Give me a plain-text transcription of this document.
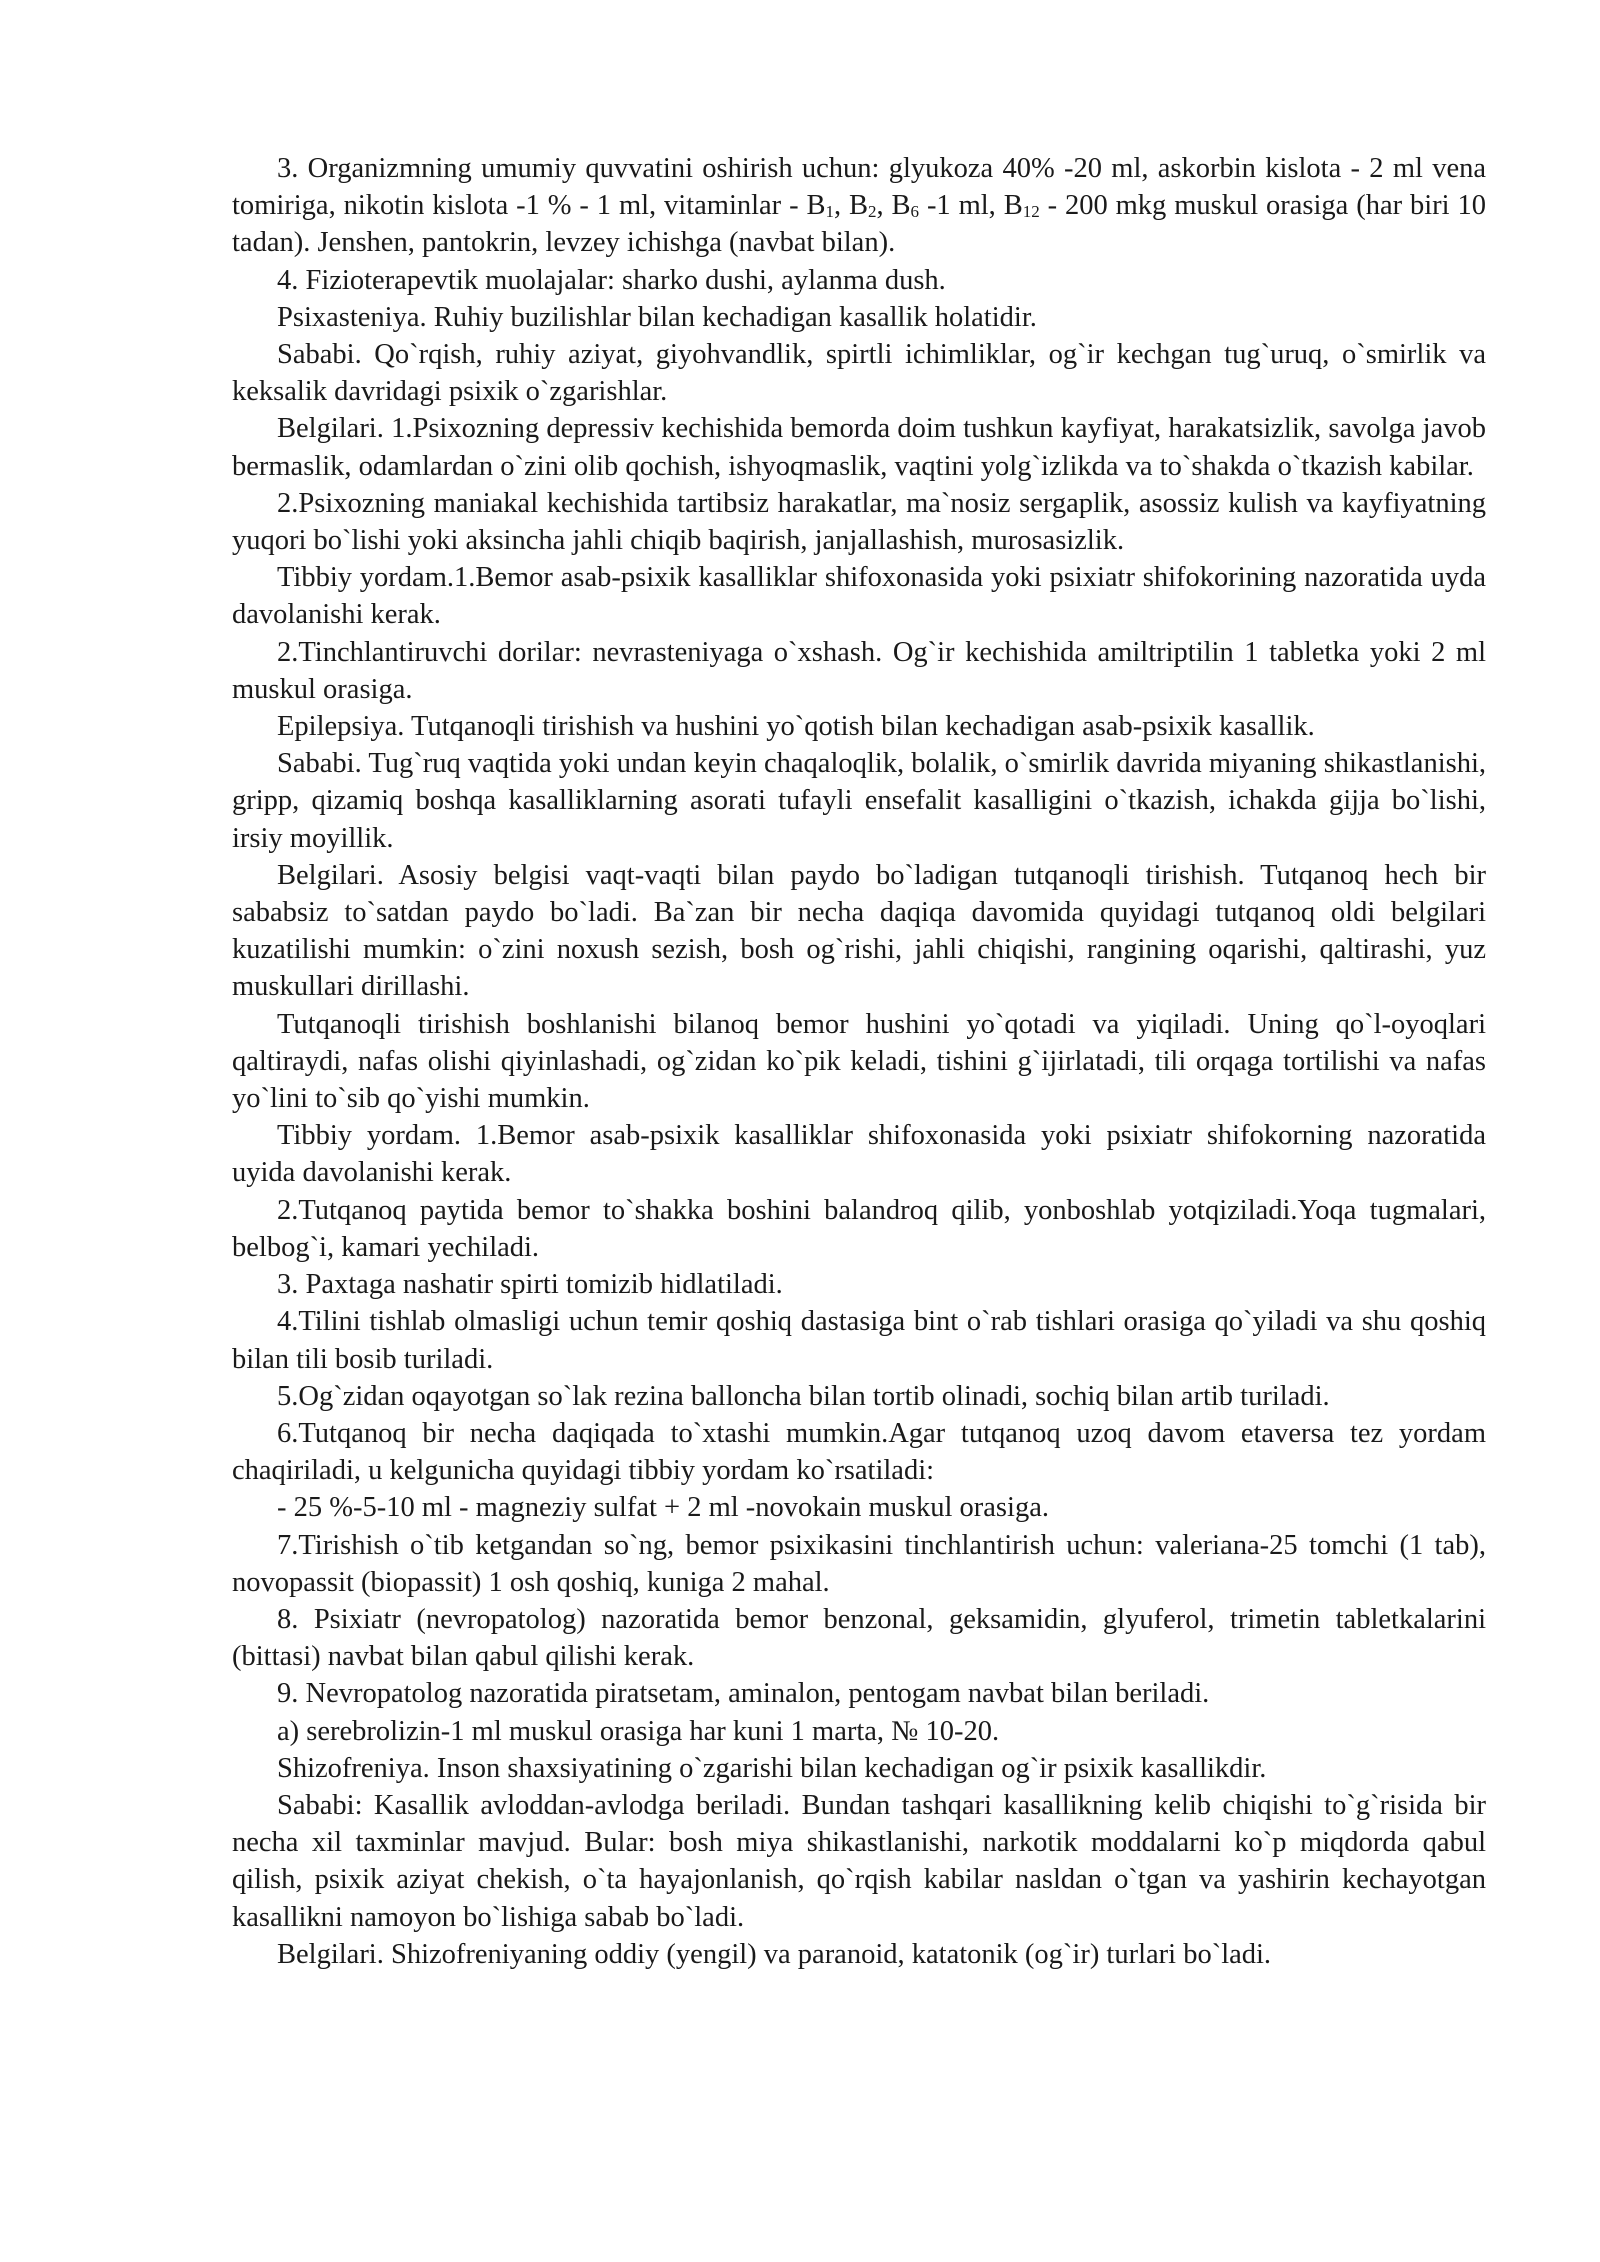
3. Organizmning umumiy quvvatini oshirish uchun: glyukoza 40% -20 ml, askorbin kislota - 2 ml vena tomiriga, nikotin kislota -1 % - 1 ml, vitaminlar - $B_1$, $B_2$, $B_6$ -1 ml, $B_{12} - 200$ mkg muskul orasiga (har biri 10 tadan). Jenshen, pantokrin, levzey ichishga (navbat bilan).

4. Fizioterapevtik muolajalar: sharko dushi, aylanma dush.

Psixasteniya. Ruhiy buzilishlar bilan kechadigan kasallik holatidir.

Sababi. Qo`rqish, ruhiy aziyat, giyohvandlik, spirtli ichimliklar, og`ir kechgan tug`uruq, o`smirlik va keksalik davridagi psixik o`zgarishlar.

Belgilari. 1.Psixozning depressiv kechishida bemorda doim tushkun kayfiyat, harakatsizlik, savolga javob bermaslik, odamlardan o`zini olib qochish, ishyoqmaslik, vaqtini yolg`izlikda va to`shakda o`tkazish kabilar.

2.Psixozning maniakal kechishida tartibsiz harakatlar, ma`nosiz sergaplik, asossiz kulish va kayfiyatning yuqori bo`lishi yoki aksincha jahli chiqib baqirish, janjallashish, murosasizlik.

Tibbiy yordam.1.Bemor asab-psixik kasalliklar shifoxonasida yoki psixiatr shifokorining nazoratida uyda davolanishi kerak.

2.Tinchlantiruvchi dorilar: nevrasteniyaga o`xshash. Og`ir kechishida amiltriptilin 1 tabletka yoki 2 ml muskul orasiga.

Epilepsiya. Tutqanoqli tirishish va hushini yo`qotish bilan kechadigan asab-psixik kasallik.

Sababi. Tug`ruq vaqtida yoki undan keyin chaqaloqlik, bolalik, o`smirlik davrida miyaning shikastlanishi, gripp, qizamiq boshqa kasalliklarning asorati tufayli ensefalit kasalligini o`tkazish, ichakda gijja bo`lishi, irsiy moyillik.

Belgilari. Asosiy belgisi vaqt-vaqti bilan paydo bo`ladigan tutqanoqli tirishish. Tutqanoq hech bir sababsiz to`satdan paydo bo`ladi. Ba`zan bir necha daqiqa davomida quyidagi tutqanoq oldi belgilari kuzatilishi mumkin: o`zini noxush sezish, bosh og`rishi, jahli chiqishi, rangining oqarishi, qaltirashi, yuz muskullari dirillashi.

Tutqanoqli tirishish boshlanishi bilanoq bemor hushini yo`qotadi va yiqiladi. Uning qo`l-oyoqlari qaltiraydi, nafas olishi qiyinlashadi, og`zidan ko`pik keladi, tishini g`ijirlatadi, tili orqaga tortilishi va nafas yo`lini to`sib qo`yishi mumkin.

Tibbiy yordam. 1.Bemor asab-psixik kasalliklar shifoxonasida yoki psixiatr shifokorning nazoratida uyida davolanishi kerak.

2.Tutqanoq paytida bemor to`shakka boshini balandroq qilib, yonboshlab yotqiziladi.Yoqa tugmalari, belbog`i, kamari yechiladi.

3. Paxtaga nashatir spirti tomizib hidlatiladi.

4.Tilini tishlab olmasligi uchun temir qoshiq dastasiga bint o`rab tishlari orasiga qo`yiladi va shu qoshiq bilan tili bosib turiladi.

5.Og`zidan oqayotgan so`lak rezina balloncha bilan tortib olinadi, sochiq bilan artib turiladi.

6.Tutqanoq bir necha daqiqada to`xtashi mumkin.Agar tutqanoq uzoq davom etaversa tez yordam chaqiriladi, u kelgunicha quyidagi tibbiy yordam ko`rsatiladi:

- 25 %-5-10 ml - magneziy sulfat + 2 ml -novokain muskul orasiga.

7.Tirishish o`tib ketgandan so`ng, bemor psixikasini tinchlantirish uchun: valeriana-25 tomchi (1 tab), novopassit (biopassit) 1 osh qoshiq, kuniga 2 mahal.

8. Psixiatr (nevropatolog) nazoratida bemor benzonal, geksamidin, glyuferol, trimetin tabletkalarini (bittasi) navbat bilan qabul qilishi kerak.

9. Nevropatolog nazoratida piratsetam, aminalon, pentogam navbat bilan beriladi.

a) serebrolizin-1 ml muskul orasiga har kuni 1 marta, № 10-20.

Shizofreniya. Inson shaxsiyatining o`zgarishi bilan kechadigan og`ir psixik kasallikdir.

Sababi: Kasallik avloddan-avlodga beriladi. Bundan tashqari kasallikning kelib chiqishi to`g`risida bir necha xil taxminlar mavjud. Bular: bosh miya shikastlanishi, narkotik moddalarni ko`p miqdorda qabul qilish, psixik aziyat chekish, o`ta hayajonlanish, qo`rqish kabilar nasldan o`tgan va yashirin kechayotgan kasallikni namoyon bo`lishiga sabab bo`ladi.

Belgilari. Shizofreniyaning oddiy (yengil) va paranoid, katatonik (og`ir) turlari bo`ladi.
